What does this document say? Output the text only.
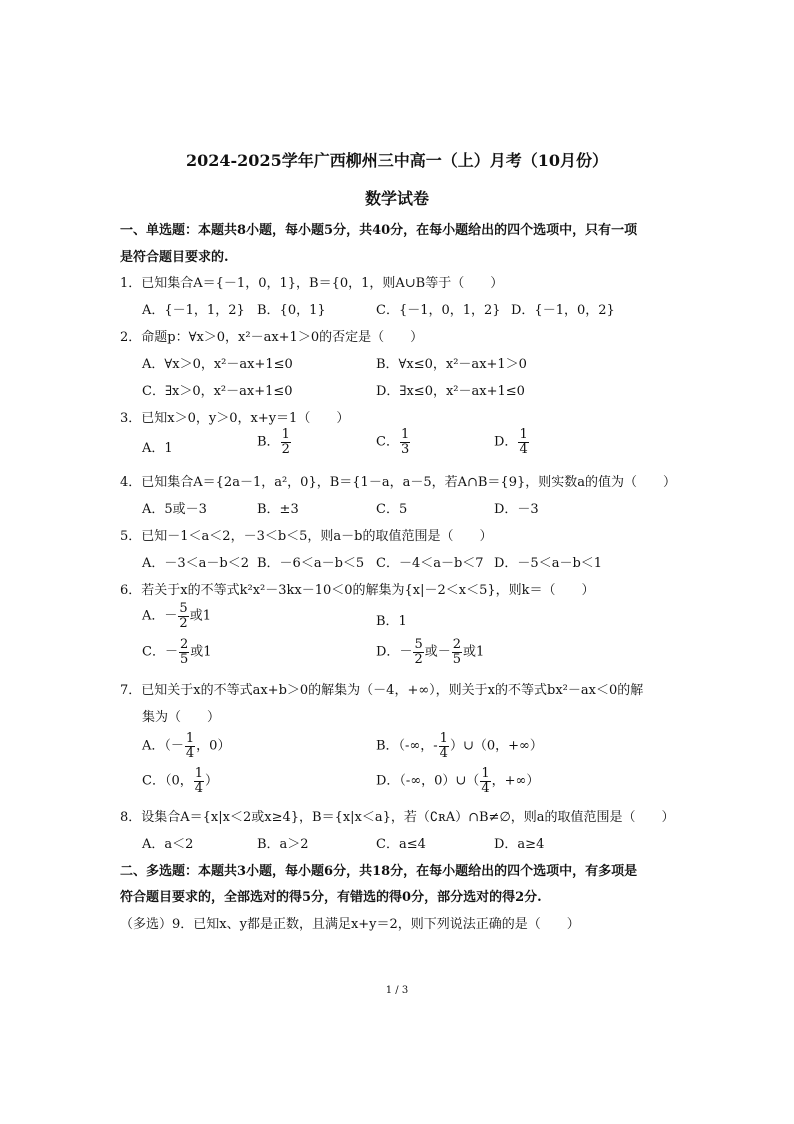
2024-2025学年广西柳州三中高一（上）月考（10月份）
数学试卷
一、单选题：本题共8小题，每小题5分，共40分，在每小题给出的四个选项中，只有一项
是符合题目要求的.
1．已知集合A＝{－1，0，1}，B＝{0，1，则A∪B等于（　　）
A．{－1，1，2} B．{0，1}	C．{－1，0，1，2} D．{－1，0，2}
2．命题p：∀x＞0，x²－ax+1＞0的否定是（　　）
A．∀x＞0，x²－ax+1≤0	B．∀x≤0，x²－ax+1＞0
C．∃x＞0，x²－ax+1≤0	D．∃x≤0，x²－ax+1≤0
3．已知x＞0，y＞0，x+y＝1（　　）
A．1	B． $\frac{1}{2}$	C． $\frac{1}{3}$	D． $\frac{1}{4}$
4．已知集合A＝{2a－1，a²，0}，B＝{1－a，a－5，若A∩B＝{9}，则实数a的值为（　　）
A．5或－3	B．±3	C．5	D．－3
5．已知－1＜a＜2，－3＜b＜5，则a－b的取值范围是（　　）
A．－3＜a－b＜2 B．－6＜a－b＜5 C．－4＜a－b＜7 D．－5＜a－b＜1
6．若关于x的不等式k²x²－3kx－10＜0的解集为{x|－2＜x＜5}，则k＝（　　）
A．－ $\frac{5}{2}$ 或1	B．1
C．－ $\frac{2}{5}$ 或1	D．－ $\frac{5}{2}$ 或－ $\frac{2}{5}$ 或1
7．已知关于x的不等式ax+b＞0的解集为（－4，+∞），则关于x的不等式bx²－ax＜0的解
集为（　　）
A．（－ $\frac{1}{4}$ ，0）	B．（-∞，- $\frac{1}{4}$ ）∪（0，+∞）
C．（0， $\frac{1}{4}$ ）	D．（-∞，0）∪（ $\frac{1}{4}$ ，+∞）
8．设集合A＝{x|x＜2或x≥4}，B＝{x|x＜a}，若（∁ʀA）∩B≠∅，则a的取值范围是（　　）
A．a＜2	B．a＞2	C．a≤4	D．a≥4
二、多选题：本题共3小题，每小题6分，共18分，在每小题给出的四个选项中，有多项是
符合题目要求的，全部选对的得5分，有错选的得0分，部分选对的得2分.
（多选）9．已知x、y都是正数，且满足x+y＝2，则下列说法正确的是（　　）
1 / 3
